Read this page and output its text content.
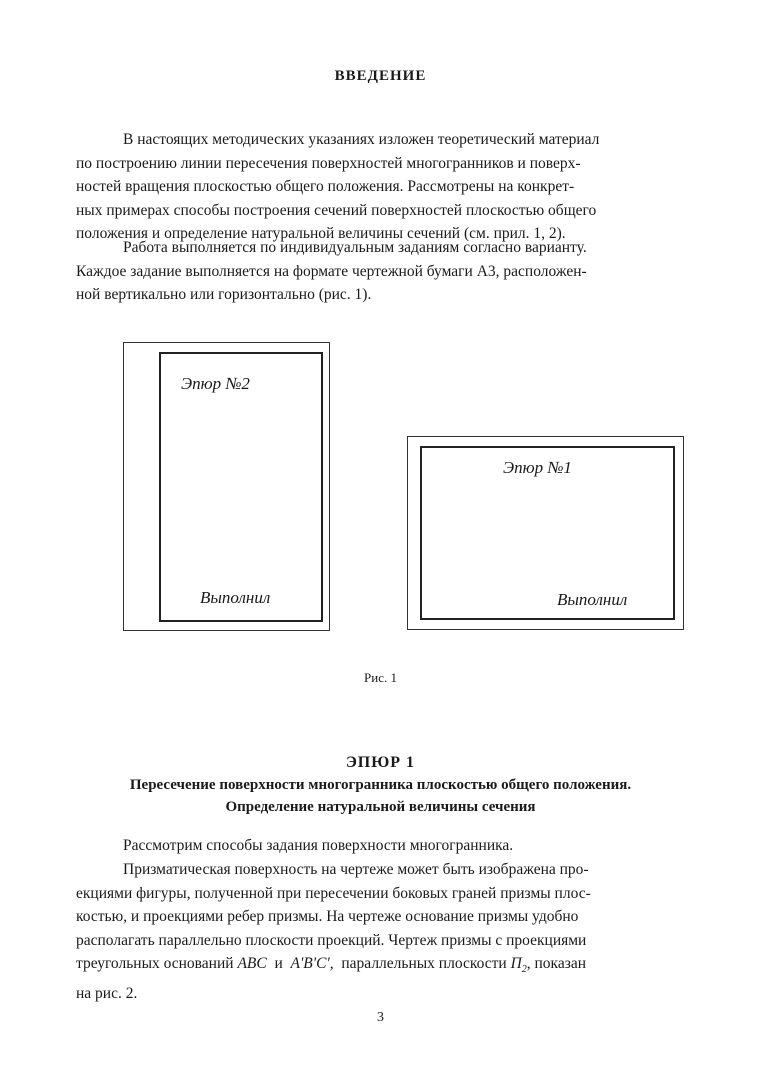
ВВЕДЕНИЕ
В настоящих методических указаниях изложен теоретический материал
по построению линии пересечения поверхностей многогранников и поверх-
ностей вращения плоскостью общего положения. Рассмотрены на конкрет-
ных примерах способы построения сечений поверхностей плоскостью общего
положения и определение натуральной величины сечений (см. прил. 1, 2).
Работа выполняется по индивидуальным заданиям согласно варианту.
Каждое задание выполняется на формате чертежной бумаги А3, расположен-
ной вертикально или горизонтально (рис. 1).
Эпюр №2
Выполнил
Эпюр №1
Выполнил
Рис. 1
ЭПЮР 1
Пересечение поверхности многогранника плоскостью общего положения.
Определение натуральной величины сечения
Рассмотрим способы задания поверхности многогранника.
Призматическая поверхность на чертеже может быть изображена про-
екциями фигуры, полученной при пересечении боковых граней призмы плос-
костью, и проекциями ребер призмы. На чертеже основание призмы удобно
располагать параллельно плоскости проекций. Чертеж призмы с проекциями
треугольных оснований ABC  и  A'B'C',  параллельных плоскости $П_2$, показан
на рис. 2.
3
